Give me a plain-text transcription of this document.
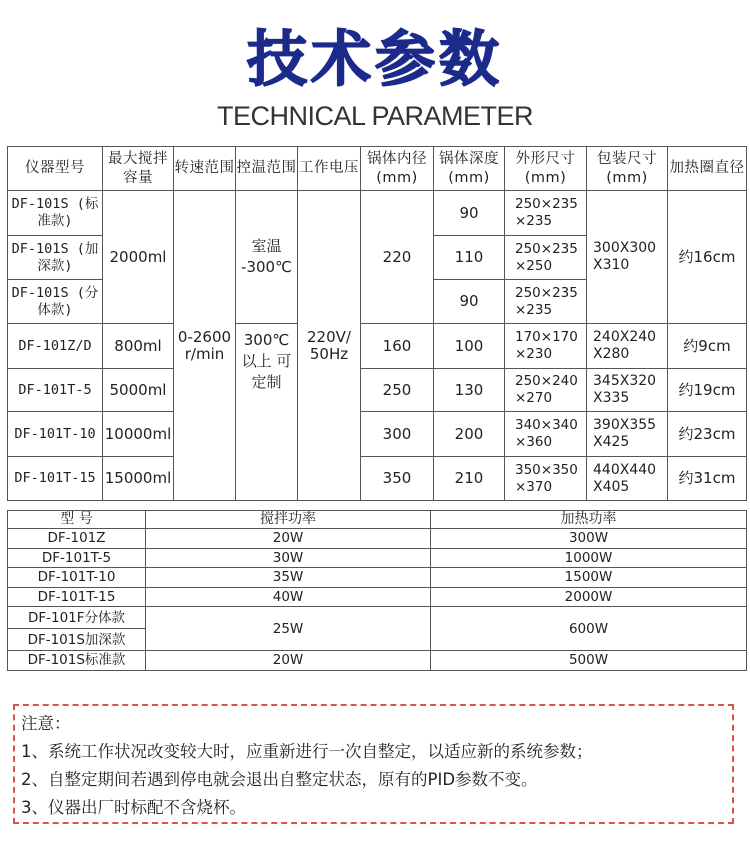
技术参数
TECHNICAL PARAMETER
仪器型号	最大搅拌容量	转速范围	控温范围	工作电压	锅体内径(mm)	锅体深度(mm)	外形尺寸(mm)	包装尺寸(mm)	加热圈直径
DF-101S (标准款)	2000ml	0-2600 r/min	室温 -300℃	220V/ 50Hz	220	90	250×235 ×235	300X300 X310	约16cm
DF-101S (加深款)						110	250×235 ×250		
DF-101S (分体款)						90	250×235 ×235		
DF-101Z/D	800ml		300℃ 以上 可定制		160	100	170×170 ×230	240X240 X280	约9cm
DF-101T-5	5000ml				250	130	250×240 ×270	345X320 X335	约19cm
DF-101T-10	10000ml				300	200	340×340 ×360	390X355 X425	约23cm
DF-101T-15	15000ml				350	210	350×350 ×370	440X440 X405	约31cm
型 号	搅拌功率	加热功率
DF-101Z	20W	300W
DF-101T-5	30W	1000W
DF-101T-10	35W	1500W
DF-101T-15	40W	2000W
DF-101F分体款	25W	600W
DF-101S加深款		
DF-101S标准款	20W	500W
注意：
1、系统工作状况改变较大时，应重新进行一次自整定，以适应新的系统参数；
2、自整定期间若遇到停电就会退出自整定状态，原有的PID参数不变。
3、仪器出厂时标配不含烧杯。
